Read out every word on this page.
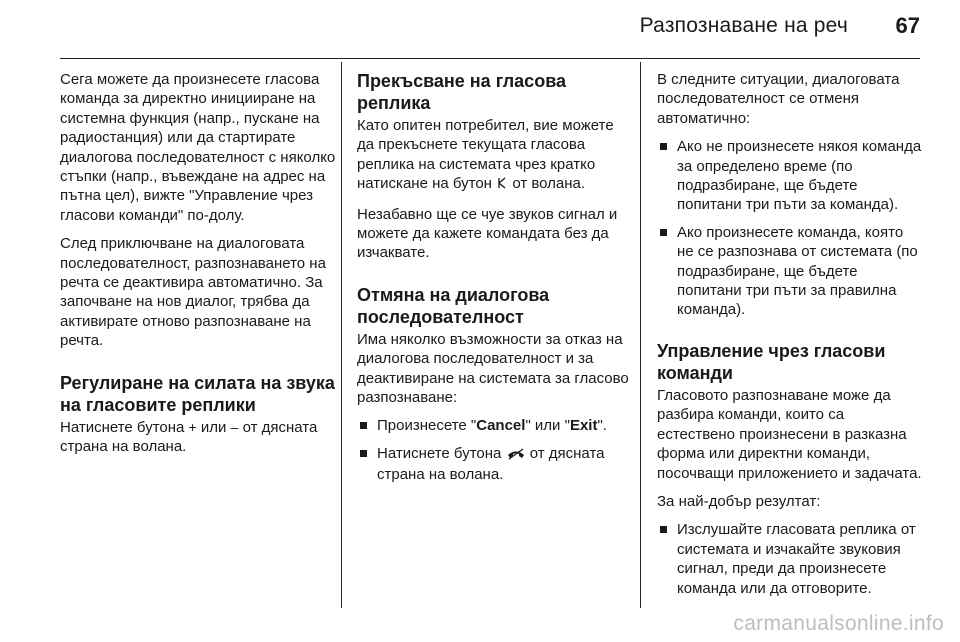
Разпознаване на реч 67

Сега можете да произнесете гласова команда за директно иницииране на системна функция (напр., пускане на радиостанция) или да стартирате диалогова последователност с няколко стъпки (напр., въвеждане на адрес на пътна цел), вижте "Управление чрез гласови команди" по-долу.

След приключване на диалоговата последователност, разпознаването на речта се деактивира автоматично. За започване на нов диалог, трябва да активирате отново разпознаване на речта.

Регулиране на силата на звука на гласовите реплики

Натиснете бутона + или – от дясната страна на волана.

Прекъсване на гласова реплика

Като опитен потребител, вие можете да прекъснете текущата гласова реплика на системата чрез кратко натискане на бутон от волана.

Незабавно ще се чуе звуков сигнал и можете да кажете командата без да изчаквате.

Отмяна на диалогова последователност

Има няколко възможности за отказ на диалогова последователност и за деактивиране на системата за гласово разпознаване:

Произнесете "Cancel" или "Exit".
Натиснете бутона от дясната страна на волана.

В следните ситуации, диалоговата последователност се отменя автоматично:

Ако не произнесете някоя команда за определено време (по подразбиране, ще бъдете попитани три пъти за команда).
Ако произнесете команда, която не се разпознава от системата (по подразбиране, ще бъдете попитани три пъти за правилна команда).
Управление чрез гласови команди

Гласовото разпознаване може да разбира команди, които са естествено произнесени в разказна форма или директни команди, посочващи приложението и задачата.

За най-добър резултат:

Изслушайте гласовата реплика от системата и изчакайте звуковия сигнал, преди да произнесете команда или да отговорите.
carmanualsonline.info
